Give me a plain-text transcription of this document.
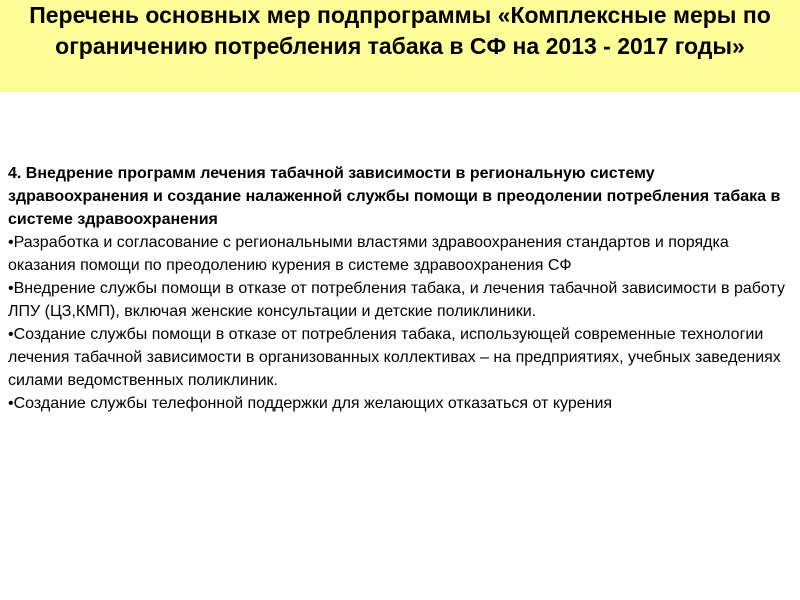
Перечень основных мер подпрограммы «Комплексные меры по ограничению потребления табака в СФ на 2013 - 2017 годы»

4. Внедрение программ лечения табачной зависимости в региональную систему здравоохранения и создание налаженной службы помощи в преодолении потребления табака в системе здравоохранения

•Разработка и согласование с региональными властями здравоохранения стандартов и порядка оказания помощи по преодолению курения в системе здравоохранения СФ
•Внедрение службы помощи в отказе от потребления табака, и лечения табачной зависимости в работу ЛПУ (ЦЗ,КМП), включая женские консультации и детские поликлиники.
•Создание службы помощи в отказе от потребления табака, использующей современные технологии лечения табачной зависимости в организованных коллективах – на предприятиях, учебных заведениях силами ведомственных поликлиник.
•Создание службы телефонной поддержки для желающих отказаться от курения
